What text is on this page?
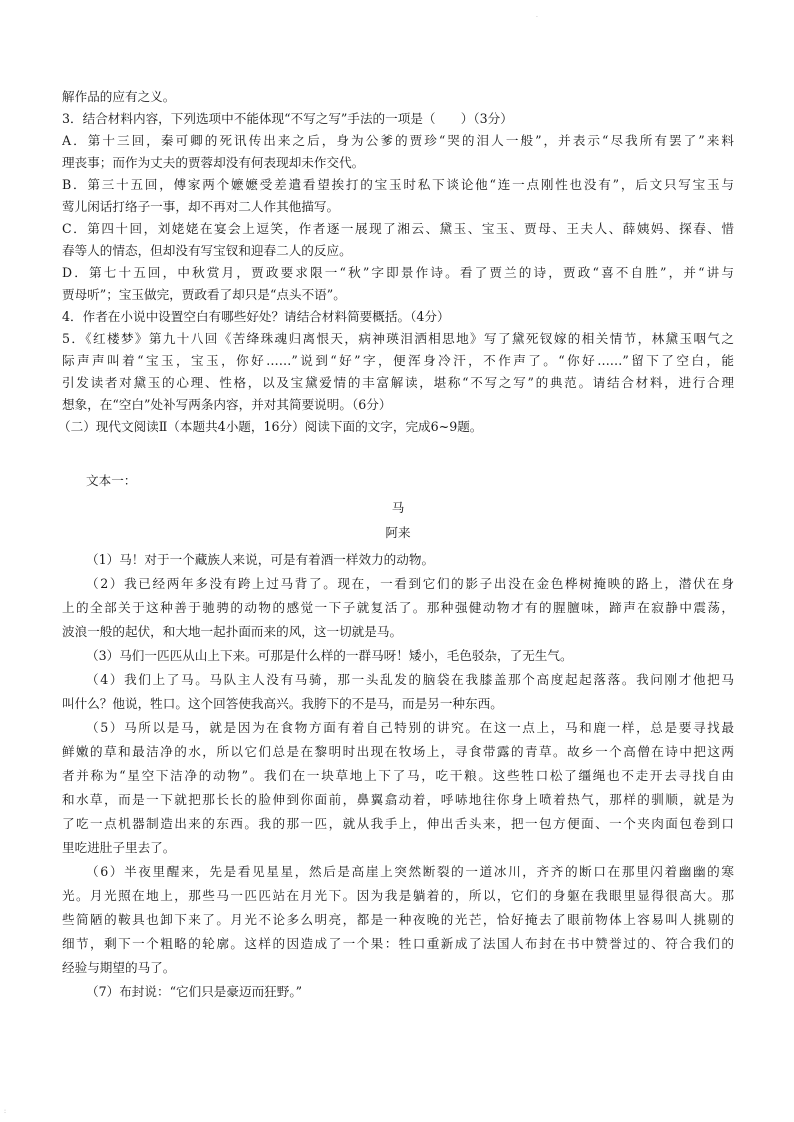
解作品的应有之义。
3．结合材料内容，下列选项中不能体现“不写之写”手法的一项是（　　）（3分）
A．第十三回，秦可卿的死讯传出来之后，身为公爹的贾珍“哭的泪人一般”，并表示“尽我所有罢了”来料
理丧事；而作为丈夫的贾蓉却没有何表现却未作交代。
B．第三十五回，傅家两个嬷嬷受差遣看望挨打的宝玉时私下谈论他“连一点刚性也没有”，后文只写宝玉与
莺儿闲话打络子一事，却不再对二人作其他描写。
C．第四十回，刘姥姥在宴会上逗笑，作者逐一展现了湘云、黛玉、宝玉、贾母、王夫人、薛姨妈、探春、惜
春等人的情态，但却没有写宝钗和迎春二人的反应。
D．第七十五回，中秋赏月，贾政要求限一“秋”字即景作诗。看了贾兰的诗，贾政“喜不自胜”，并“讲与
贾母听”；宝玉做完，贾政看了却只是“点头不语”。
4．作者在小说中设置空白有哪些好处？请结合材料简要概括。（4分）
5．《红楼梦》第九十八回《苦绛珠魂归离恨天，病神瑛泪洒相思地》写了黛死钗嫁的相关情节，林黛玉咽气之
际声声叫着“宝玉，宝玉，你好……”说到“好”字，便浑身冷汗，不作声了。“你好……”留下了空白，能
引发读者对黛玉的心理、性格，以及宝黛爱情的丰富解读，堪称“不写之写”的典范。请结合材料，进行合理
想象，在“空白”处补写两条内容，并对其简要说明。（6分）
（二）现代文阅读Ⅱ（本题共4小题，16分）阅读下面的文字，完成6~9题。
文本一：
马
阿来
（1）马！对于一个藏族人来说，可是有着酒一样效力的动物。
（2）我已经两年多没有跨上过马背了。现在，一看到它们的影子出没在金色桦树掩映的路上，潜伏在身
上的全部关于这种善于驰骋的动物的感觉一下子就复活了。那种强健动物才有的腥膻味，蹄声在寂静中震荡，
波浪一般的起伏，和大地一起扑面而来的风，这一切就是马。
（3）马们一匹匹从山上下来。可那是什么样的一群马呀！矮小，毛色驳杂，了无生气。
（4）我们上了马。马队主人没有马骑，那一头乱发的脑袋在我膝盖那个高度起起落落。我问刚才他把马
叫什么？他说，牲口。这个回答使我高兴。我胯下的不是马，而是另一种东西。
（5）马所以是马，就是因为在食物方面有着自己特别的讲究。在这一点上，马和鹿一样，总是要寻找最
鲜嫩的草和最洁净的水，所以它们总是在黎明时出现在牧场上，寻食带露的青草。故乡一个高僧在诗中把这两
者并称为“星空下洁净的动物”。我们在一块草地上下了马，吃干粮。这些牲口松了缰绳也不走开去寻找自由
和水草，而是一下就把那长长的脸伸到你面前，鼻翼翕动着，呼哧地往你身上喷着热气，那样的驯顺，就是为
了吃一点机器制造出来的东西。我的那一匹，就从我手上，伸出舌头来，把一包方便面、一个夹肉面包卷到口
里吃进肚子里去了。
（6）半夜里醒来，先是看见星星，然后是高崖上突然断裂的一道冰川，齐齐的断口在那里闪着幽幽的寒
光。月光照在地上，那些马一匹匹站在月光下。因为我是躺着的，所以，它们的身躯在我眼里显得很高大。那
些简陋的鞍具也卸下来了。月光不论多么明亮，都是一种夜晚的光芒，恰好掩去了眼前物体上容易叫人挑剔的
细节，剩下一个粗略的轮廓。这样的因造成了一个果：牲口重新成了法国人布封在书中赞誉过的、符合我们的
经验与期望的马了。
（7）布封说：“它们只是豪迈而狂野。”
·
:
